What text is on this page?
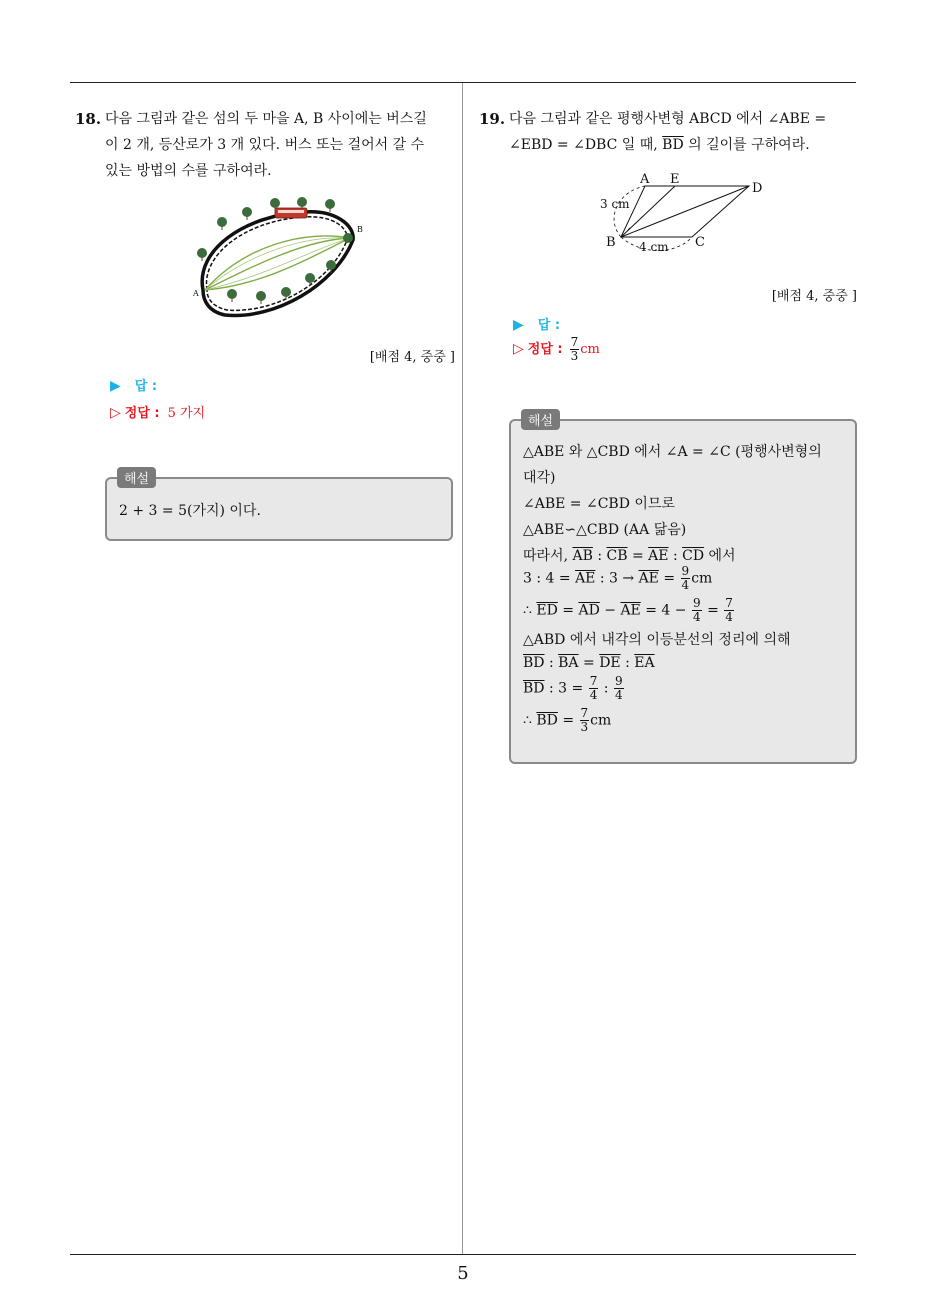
5
18. 다음 그림과 같은 섬의 두 마을 A, B 사이에는 버스길
이 2 개, 등산로가 3 개 있다. 버스 또는 걸어서 갈 수
있는 방법의 수를 구하여라.
A
B
[배점 4, 중중 ]
▶ 답 :
▷ 정답 : 5 가지
해설
2 + 3 = 5(가지) 이다.
19. 다음 그림과 같은 평행사변형 ABCD 에서 ∠ABE =
∠EBD = ∠DBC 일 때, $\overline{BD}$ 의 길이를 구하여라.
A E
D
B	C
3 cm
4 cm
[배점 4, 중중 ]
▶ 답 :
▷ 정답 : $\frac{7}{3}$ cm
해설
△ABE 와 △CBD 에서 ∠A = ∠C (평행사변형의
대각)
∠ABE = ∠CBD 이므로
△ABE∽△CBD (AA 닮음)
따라서, $\overline{AB}$ : $\overline{CB} = \overline{AE}$ : $\overline{CD}$ 에서
3 : $4 = \overline{AE}$ : $3 \to \overline{AE} = \frac{9}{4}$ cm
∴ $\overline{ED} = \overline{AD} - \overline{AE} = 4 - \frac{9}{4} = \frac{7}{4}$
△ABD 에서 내각의 이등분선의 정리에 의해
$\overline{BD}$ : $\overline{BA} = \overline{DE}$ : $\overline{EA}$
$\overline{BD}$ : $3 = \frac{7}{4}$ : $\frac{9}{4}$
∴ $\overline{BD} = \frac{7}{3}$ cm
